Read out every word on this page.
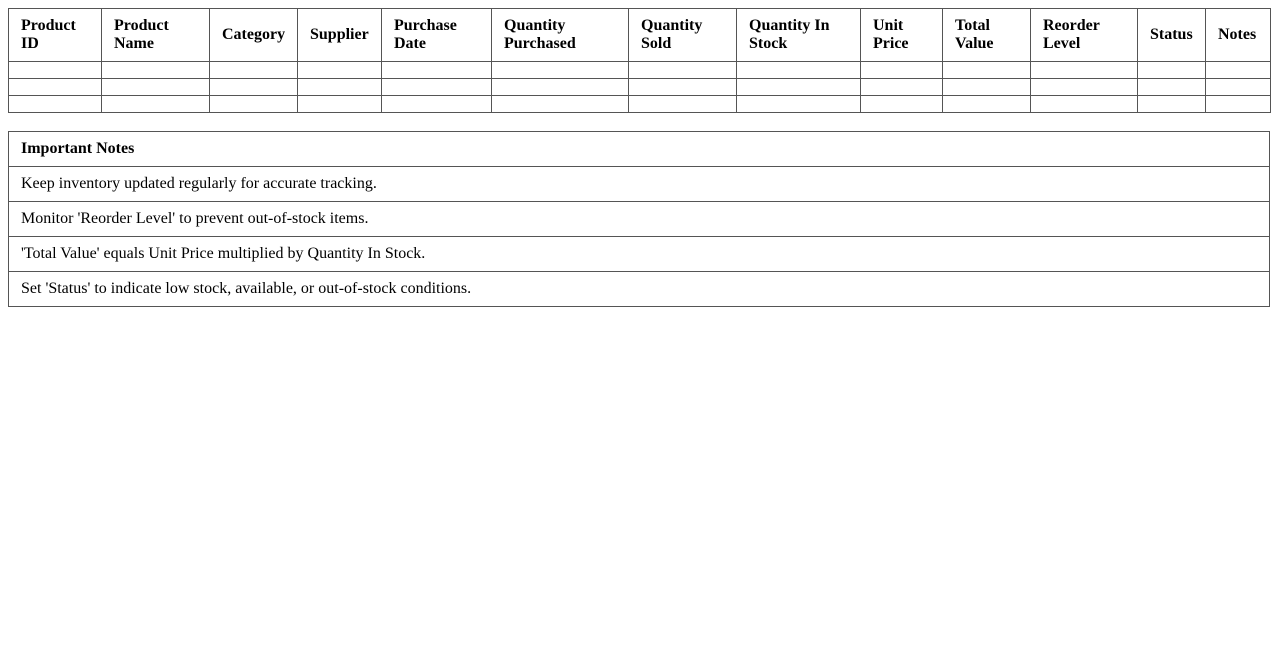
Product ID	Product Name	Category	Supplier	Purchase Date	Quantity Purchased	Quantity Sold	Quantity In Stock	Unit Price	Total Value	Reorder Level	Status	Notes

Important Notes
Keep inventory updated regularly for accurate tracking.
Monitor 'Reorder Level' to prevent out-of-stock items.
'Total Value' equals Unit Price multiplied by Quantity In Stock.
Set 'Status' to indicate low stock, available, or out-of-stock conditions.
